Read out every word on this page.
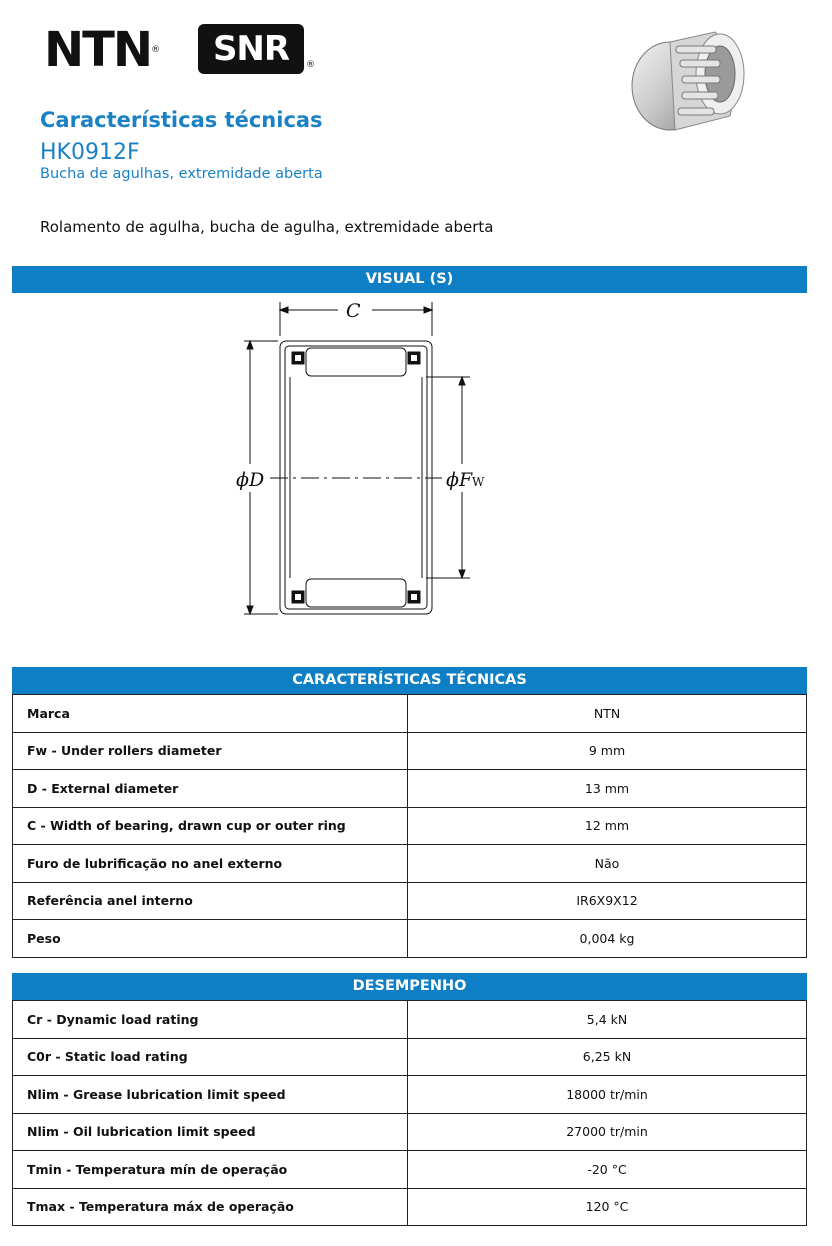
NTN® SNR ®
Características técnicas
HK0912F
Bucha de agulhas, extremidade aberta
Rolamento de agulha, bucha de agulha, extremidade aberta
VISUAL (S)
C
ϕD	ϕF W
CARACTERÍSTICAS TÉCNICAS
Marca	NTN
Fw - Under rollers diameter	9 mm
D - External diameter	13 mm
C - Width of bearing, drawn cup or outer ring	12 mm
Furo de lubrificação no anel externo	Não
Referência anel interno	IR6X9X12
Peso	0,004 kg
DESEMPENHO
Cr - Dynamic load rating	5,4 kN
C0r - Static load rating	6,25 kN
Nlim - Grease lubrication limit speed	18000 tr/min
Nlim - Oil lubrication limit speed	27000 tr/min
Tmin - Temperatura mín de operação	-20 °C
Tmax - Temperatura máx de operação	120 °C
